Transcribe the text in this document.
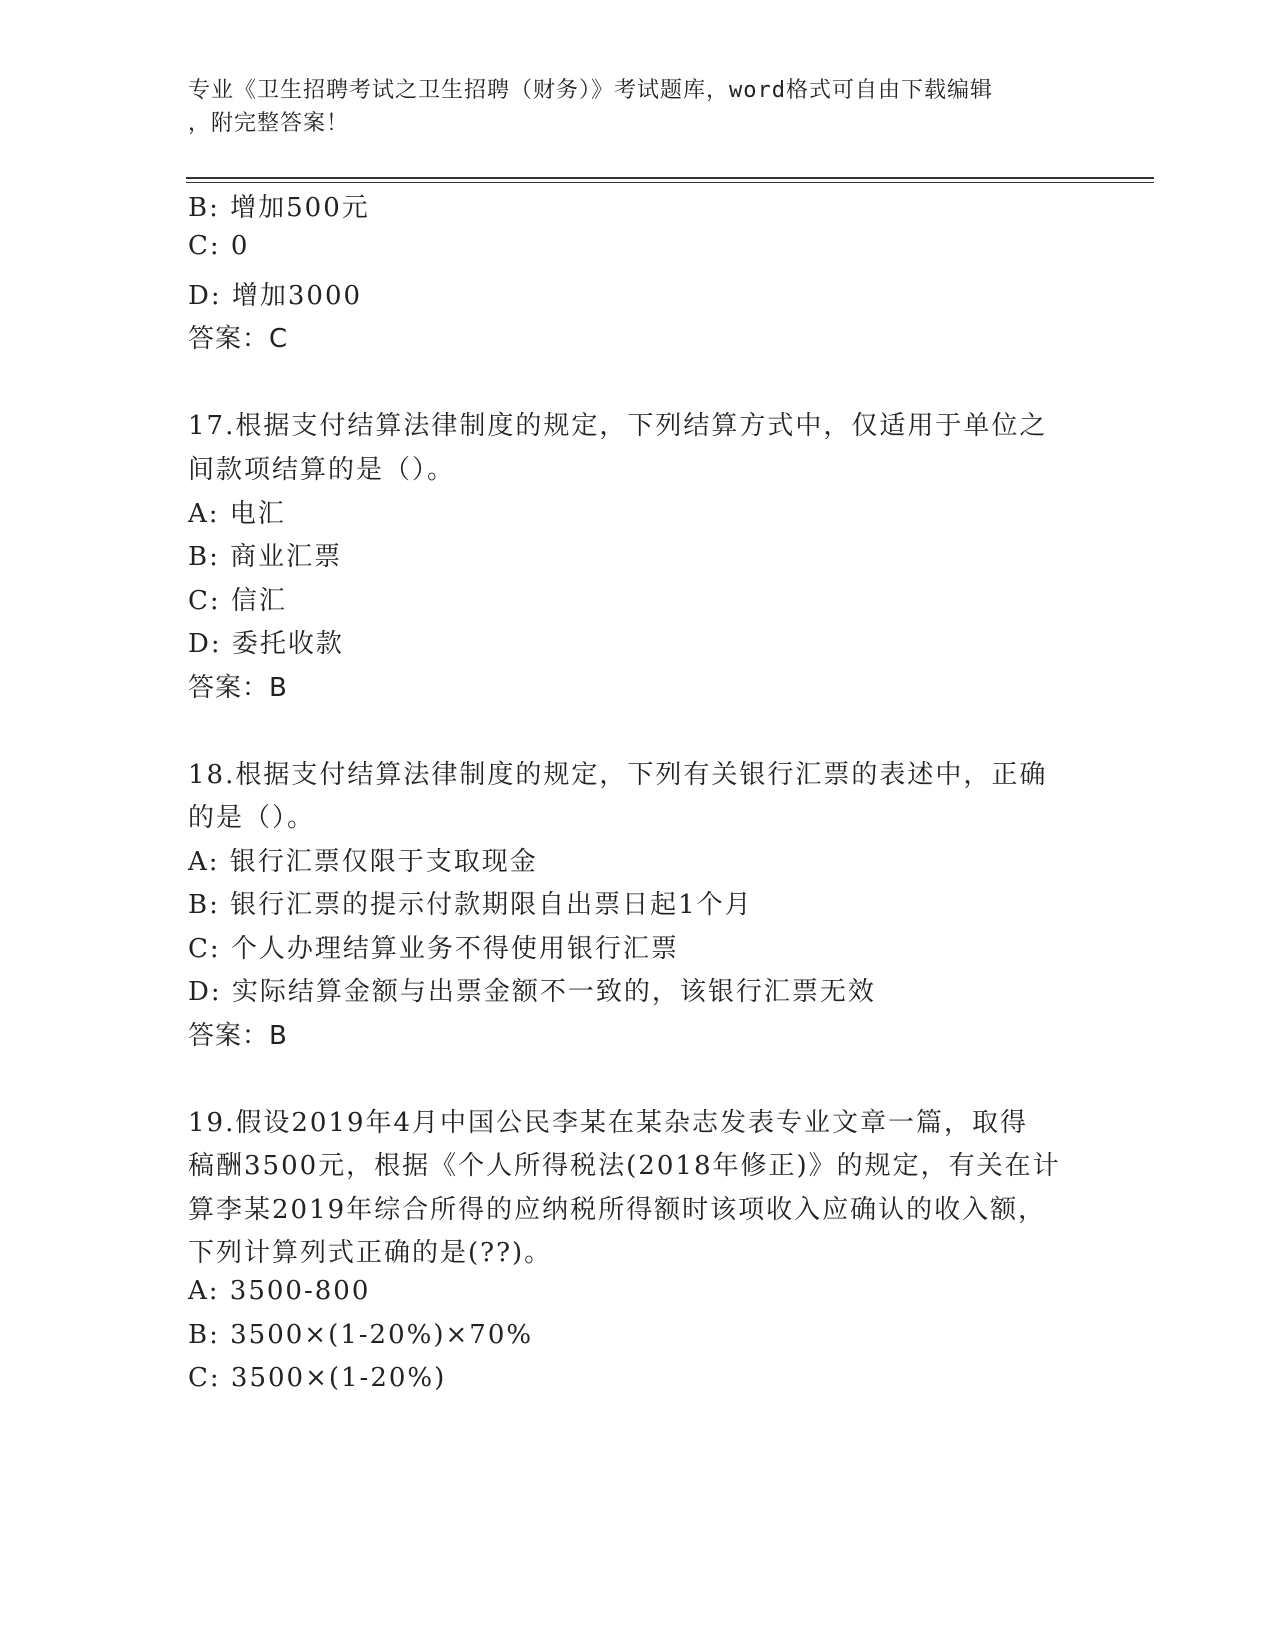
专业《卫生招聘考试之卫生招聘（财务）》考试题库，word格式可自由下载编辑
，附完整答案！
B: 增加500元
C: 0
D: 增加3000
答案：C
17.根据支付结算法律制度的规定，下列结算方式中，仅适用于单位之
间款项结算的是（）。
A: 电汇
B: 商业汇票
C: 信汇
D: 委托收款
答案：B
18.根据支付结算法律制度的规定，下列有关银行汇票的表述中，正确
的是（）。
A: 银行汇票仅限于支取现金
B: 银行汇票的提示付款期限自出票日起1个月
C: 个人办理结算业务不得使用银行汇票
D: 实际结算金额与出票金额不一致的，该银行汇票无效
答案：B
19.假设2019年4月中国公民李某在某杂志发表专业文章一篇，取得
稿酬3500元，根据《个人所得税法(2018年修正)》的规定，有关在计
算李某2019年综合所得的应纳税所得额时该项收入应确认的收入额，
下列计算列式正确的是(??)。
A: 3500-800
B: 3500×(1-20%)×70%
C: 3500×(1-20%)
